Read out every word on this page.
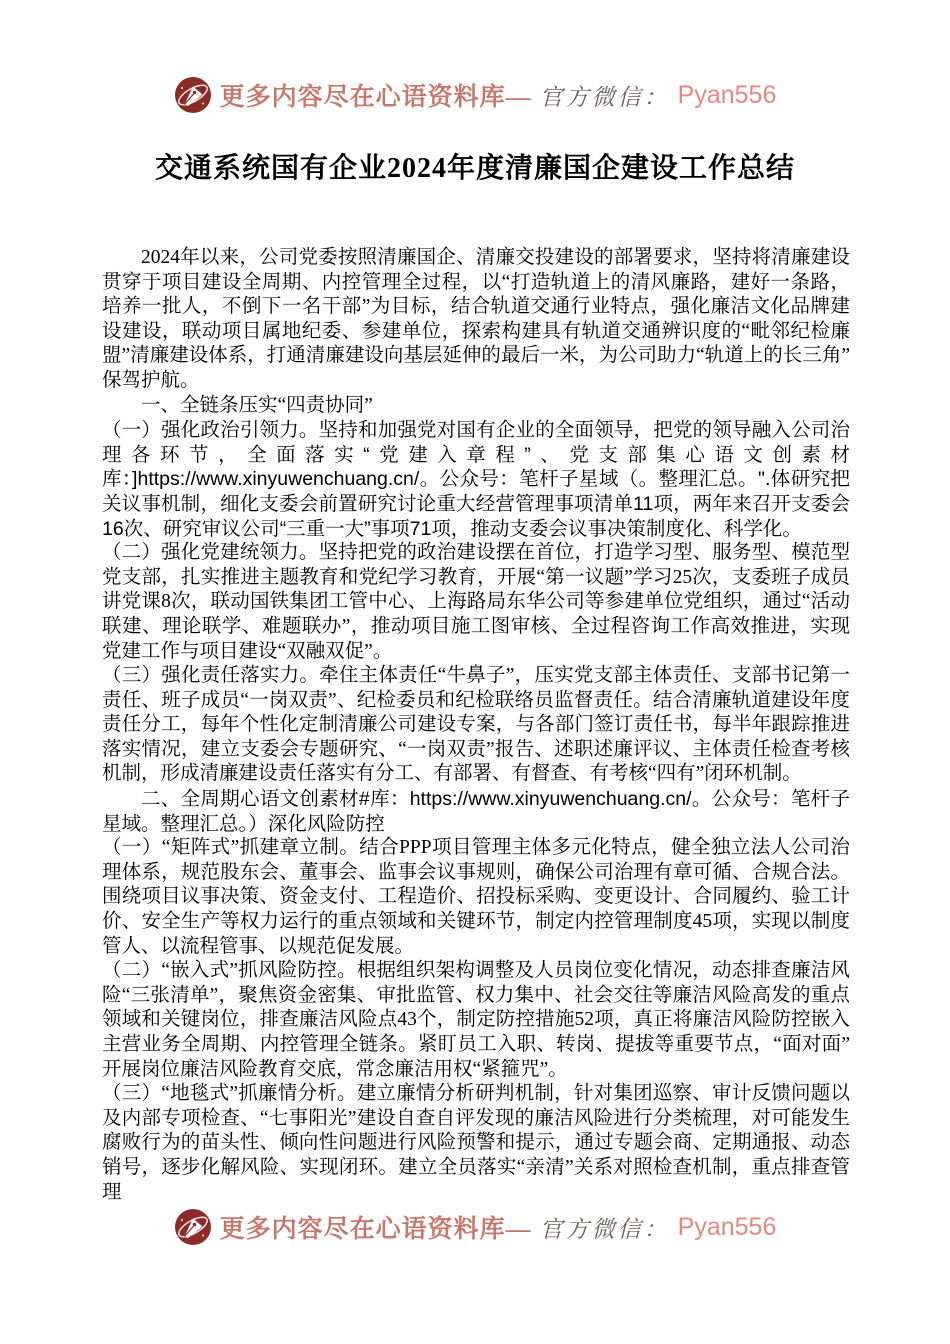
更多内容尽在心语资料库— 官方微信： Pyan556
交通系统国有企业2024年度清廉国企建设工作总结

2024年以来，公司党委按照清廉国企、清廉交投建设的部署要求，坚持将清廉建设贯穿于项目建设全周期、内控管理全过程，以“打造轨道上的清风廉路，建好一条路，培养一批人，不倒下一名干部”为目标，结合轨道交通行业特点，强化廉洁文化品牌建设建设，联动项目属地纪委、参建单位，探索构建具有轨道交通辨识度的“毗邻纪检廉盟”清廉建设体系，打通清廉建设向基层延伸的最后一米，为公司助力“轨道上的长三角”保驾护航。

一、全链条压实“四责协同”

（一）强化政治引领力。坚持和加强党对国有企业的全面领导，把党的领导融入公司治理各环节，全面落实“党建入章程”、党支部集心语文创素材库：]https://www.xinyuwenchuang.cn/。公众号：笔杆子星域（。整理汇总。".体研究把关议事机制，细化支委会前置研究讨论重大经营管理事项清单11项，两年来召开支委会16次、研究审议公司“三重一大”事项71项，推动支委会议事决策制度化、科学化。

（二）强化党建统领力。坚持把党的政治建设摆在首位，打造学习型、服务型、模范型党支部，扎实推进主题教育和党纪学习教育，开展“第一议题”学习25次，支委班子成员讲党课8次，联动国铁集团工管中心、上海路局东华公司等参建单位党组织，通过“活动联建、理论联学、难题联办”，推动项目施工图审核、全过程咨询工作高效推进，实现党建工作与项目建设“双融双促”。

（三）强化责任落实力。牵住主体责任“牛鼻子”，压实党支部主体责任、支部书记第一责任、班子成员“一岗双责”、纪检委员和纪检联络员监督责任。结合清廉轨道建设年度责任分工，每年个性化定制清廉公司建设专案，与各部门签订责任书，每半年跟踪推进落实情况，建立支委会专题研究、“一岗双责”报告、述职述廉评议、主体责任检查考核机制，形成清廉建设责任落实有分工、有部署、有督查、有考核“四有”闭环机制。

二、全周期心语文创素材#库：https://www.xinyuwenchuang.cn/。公众号：笔杆子星域。整理汇总。）深化风险防控

（一）“矩阵式”抓建章立制。结合PPP项目管理主体多元化特点，健全独立法人公司治理体系，规范股东会、董事会、监事会议事规则，确保公司治理有章可循、合规合法。围绕项目议事决策、资金支付、工程造价、招投标采购、变更设计、合同履约、验工计价、安全生产等权力运行的重点领域和关键环节，制定内控管理制度45项，实现以制度管人、以流程管事、以规范促发展。

（二）“嵌入式”抓风险防控。根据组织架构调整及人员岗位变化情况，动态排查廉洁风险“三张清单”，聚焦资金密集、审批监管、权力集中、社会交往等廉洁风险高发的重点领域和关键岗位，排查廉洁风险点43个，制定防控措施52项，真正将廉洁风险防控嵌入主营业务全周期、内控管理全链条。紧盯员工入职、转岗、提拔等重要节点，“面对面”开展岗位廉洁风险教育交底，常念廉洁用权“紧箍咒”。

（三）“地毯式”抓廉情分析。建立廉情分析研判机制，针对集团巡察、审计反馈问题以及内部专项检查、“七事阳光”建设自查自评发现的廉洁风险进行分类梳理，对可能发生腐败行为的苗头性、倾向性问题进行风险预警和提示，通过专题会商、定期通报、动态销号，逐步化解风险、实现闭环。建立全员落实“亲清”关系对照检查机制，重点排查管理

更多内容尽在心语资料库— 官方微信： Pyan556
